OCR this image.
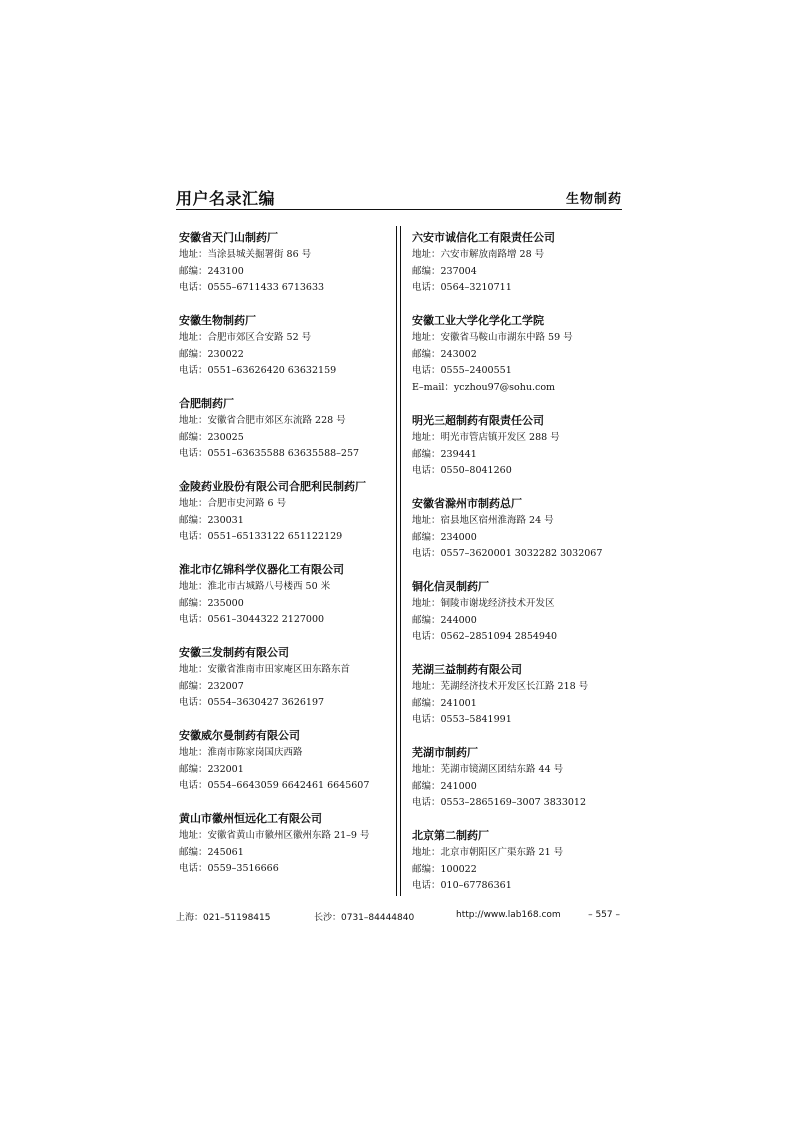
用户名录汇编	生物制药
安徽省天门山制药厂
地址：当涂县城关掘署街 86 号
邮编：243100
电话：0555–6711433 6713633
安徽生物制药厂
地址：合肥市郊区合安路 52 号
邮编：230022
电话：0551–63626420 63632159
合肥制药厂
地址：安徽省合肥市郊区东流路 228 号
邮编：230025
电话：0551–63635588 63635588–257
金陵药业股份有限公司合肥利民制药厂
地址：合肥市史河路 6 号
邮编：230031
电话：0551–65133122 651122129
淮北市亿锦科学仪器化工有限公司
地址：淮北市古城路八号楼西 50 米
邮编：235000
电话：0561–3044322 2127000
安徽三发制药有限公司
地址：安徽省淮南市田家庵区田东路东首
邮编：232007
电话：0554–3630427 3626197
安徽威尔曼制药有限公司
地址：淮南市陈家岗国庆西路
邮编：232001
电话：0554–6643059 6642461 6645607
黄山市徽州恒远化工有限公司
地址：安徽省黄山市徽州区徽州东路 21–9 号
邮编：245061
电话：0559–3516666
六安市诚信化工有限责任公司
地址：六安市解放南路增 28 号
邮编：237004
电话：0564–3210711
安徽工业大学化学化工学院
地址：安徽省马鞍山市湖东中路 59 号
邮编：243002
电话：0555–2400551
E–mail：yczhou97@sohu.com
明光三超制药有限责任公司
地址：明光市管店镇开发区 288 号
邮编：239441
电话：0550–8041260
安徽省滁州市制药总厂
地址：宿县地区宿州淮海路 24 号
邮编：234000
电话：0557–3620001 3032282 3032067
铜化信灵制药厂
地址：铜陵市谢垅经济技术开发区
邮编：244000
电话：0562–2851094 2854940
芜湖三益制药有限公司
地址：芜湖经济技术开发区长江路 218 号
邮编：241001
电话：0553–5841991
芜湖市制药厂
地址：芜湖市镜湖区团结东路 44 号
邮编：241000
电话：0553–2865169–3007 3833012
北京第二制药厂
地址：北京市朝阳区广渠东路 21 号
邮编：100022
电话：010–67786361
上海：021–51198415	长沙：0731–84444840	http://www.lab168.com	– 557 –
